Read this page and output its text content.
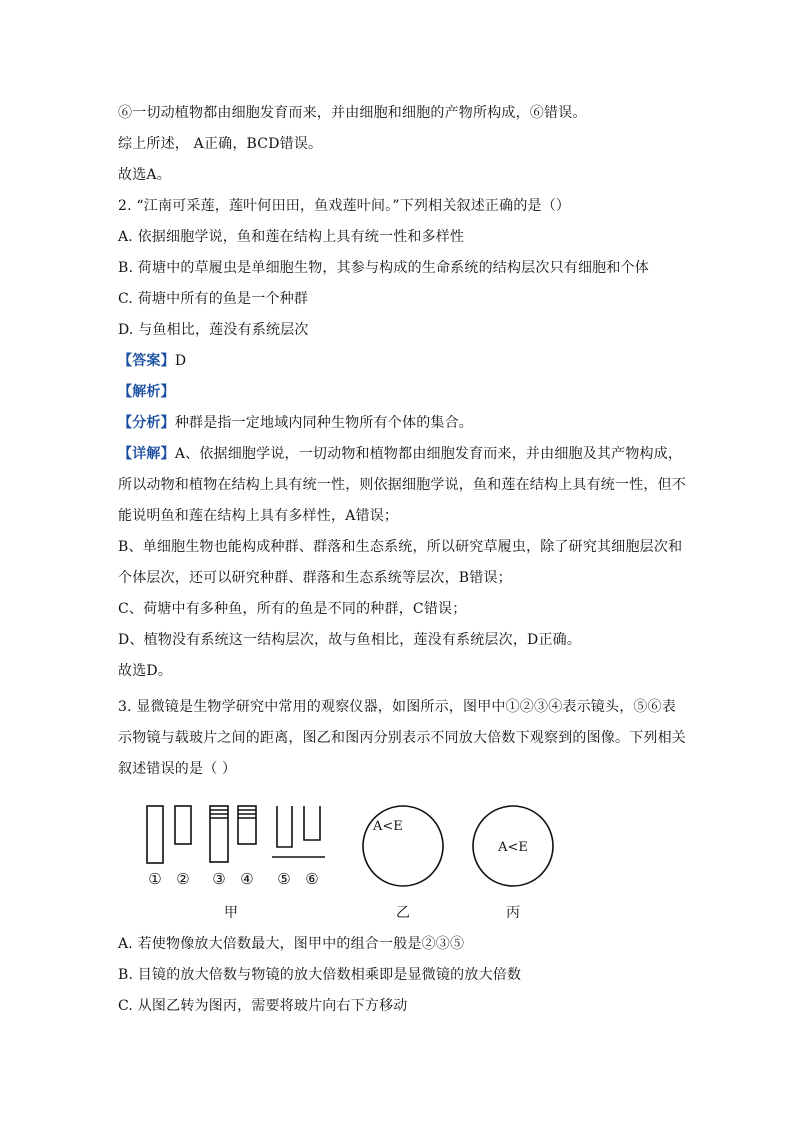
⑥一切动植物都由细胞发育而来，并由细胞和细胞的产物所构成，⑥错误。
综上所述， A正确，BCD错误。
故选A。
2. “江南可采莲，莲叶何田田，鱼戏莲叶间。”下列相关叙述正确的是（）
A. 依据细胞学说，鱼和莲在结构上具有统一性和多样性
B. 荷塘中的草履虫是单细胞生物，其参与构成的生命系统的结构层次只有细胞和个体
C. 荷塘中所有的鱼是一个种群
D. 与鱼相比，莲没有系统层次
【答案】D
【解析】
【分析】种群是指一定地域内同种生物所有个体的集合。
【详解】A、依据细胞学说，一切动物和植物都由细胞发育而来，并由细胞及其产物构成，
所以动物和植物在结构上具有统一性，则依据细胞学说，鱼和莲在结构上具有统一性，但不
能说明鱼和莲在结构上具有多样性，A错误；
B、单细胞生物也能构成种群、群落和生态系统，所以研究草履虫，除了研究其细胞层次和
个体层次，还可以研究种群、群落和生态系统等层次，B错误；
C、荷塘中有多种鱼，所有的鱼是不同的种群，C错误；
D、植物没有系统这一结构层次，故与鱼相比，莲没有系统层次，D正确。
故选D。
3. 显微镜是生物学研究中常用的观察仪器，如图所示，图甲中①②③④表示镜头，⑤⑥表
示物镜与载玻片之间的距离，图乙和图丙分别表示不同放大倍数下观察到的图像。下列相关
叙述错误的是（ ）
① ② ③ ④ ⑤ ⑥
A<E
A<E
甲	乙	丙
A. 若使物像放大倍数最大，图甲中的组合一般是②③⑤
B. 目镜的放大倍数与物镜的放大倍数相乘即是显微镜的放大倍数
C. 从图乙转为图丙，需要将玻片向右下方移动
